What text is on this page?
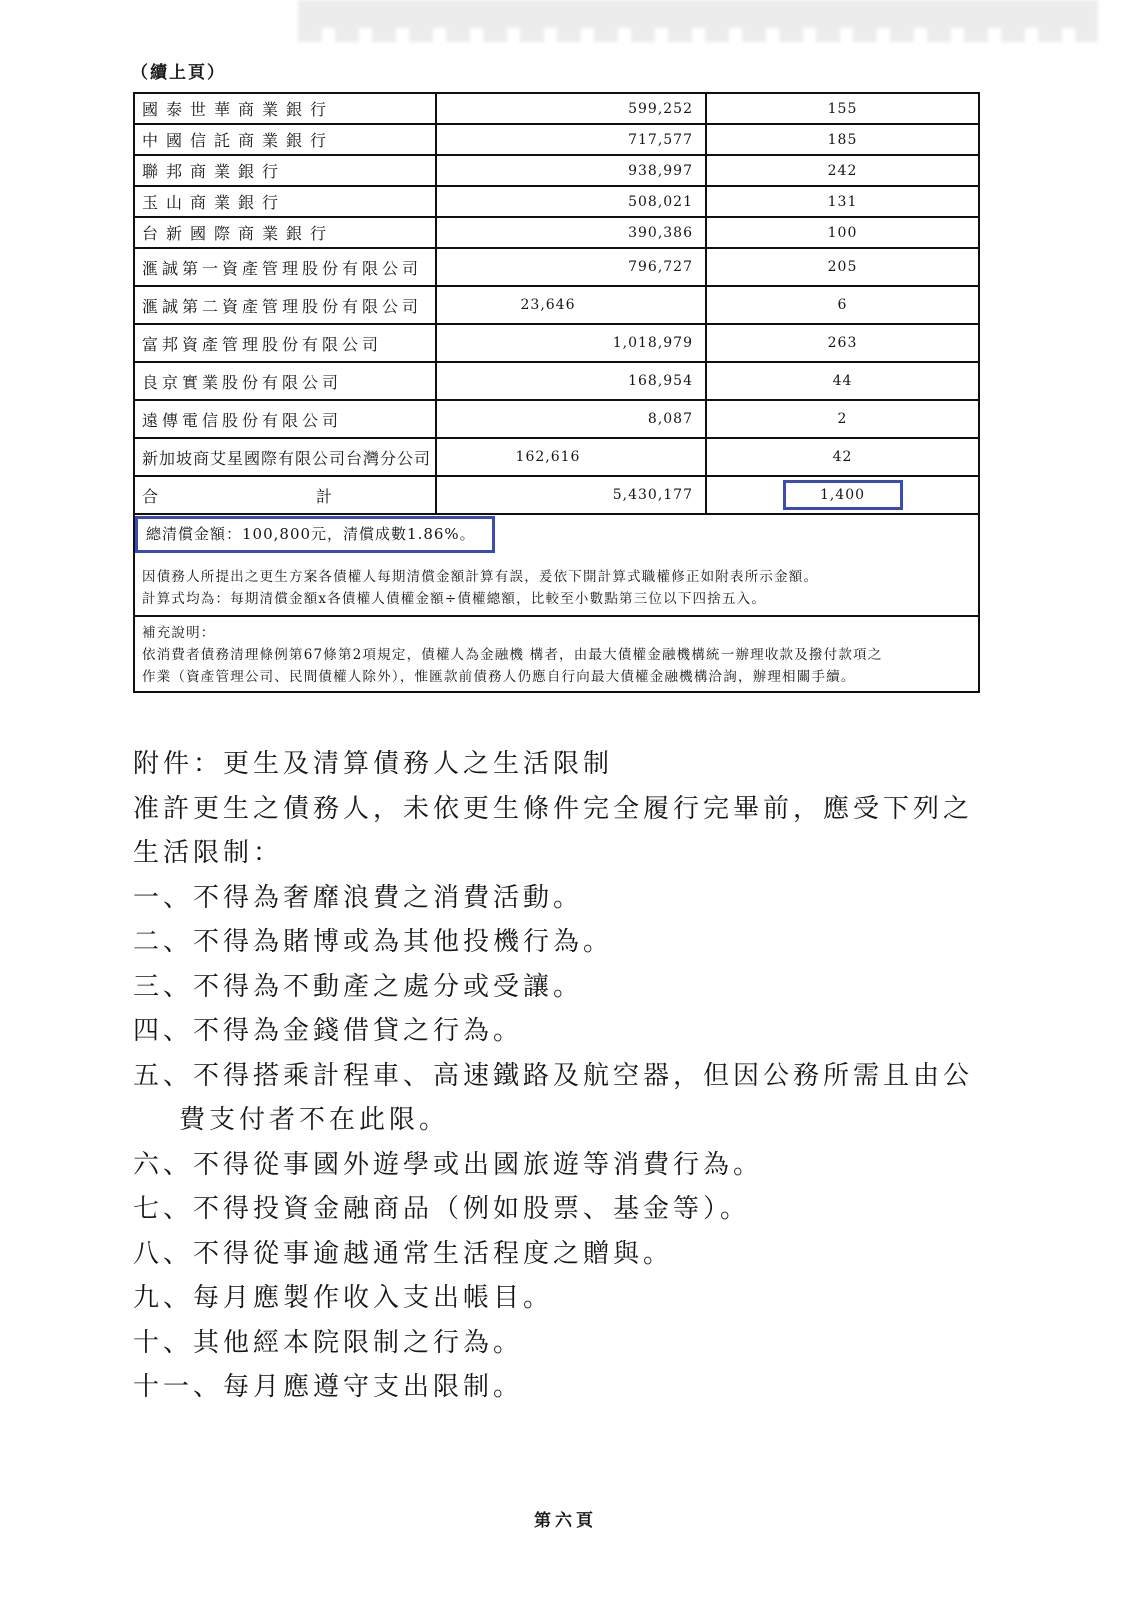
（續上頁）
國泰世華商業銀行	599,252	155
中國信託商業銀行	717,577	185
聯邦商業銀行	938,997	242
玉山商業銀行	508,021	131
台新國際商業銀行	390,386	100
滙誠第一資產管理股份有限公司	796,727	205
滙誠第二資產管理股份有限公司	23,646	6
富邦資產管理股份有限公司	1,018,979	263
良京實業股份有限公司	168,954	44
遠傳電信股份有限公司	8,087	2
新加坡商艾星國際有限公司台灣分公司	162,616	42
合	計	5,430,177	1,400
總清償金額：100,800元，清償成數1.86%。
因債務人所提出之更生方案各債權人每期清償金額計算有誤，爰依下開計算式職權修正如附表所示金額。
計算式均為：每期清償金額x各債權人債權金額÷債權總額，比較至小數點第三位以下四捨五入。
補充說明：
依消費者債務清理條例第67條第2項規定，債權人為金融機 構者，由最大債權金融機構統一辦理收款及撥付款項之
作業（資產管理公司、民間債權人除外），惟匯款前債務人仍應自行向最大債權金融機構洽詢，辦理相關手續。
附件：更生及清算債務人之生活限制
准許更生之債務人，未依更生條件完全履行完畢前，應受下列之
生活限制：
一、不得為奢靡浪費之消費活動。
二、不得為賭博或為其他投機行為。
三、不得為不動產之處分或受讓。
四、不得為金錢借貸之行為。
五、不得搭乘計程車、高速鐵路及航空器，但因公務所需且由公
費支付者不在此限。
六、不得從事國外遊學或出國旅遊等消費行為。
七、不得投資金融商品（例如股票、基金等）。
八、不得從事逾越通常生活程度之贈與。
九、每月應製作收入支出帳目。
十、其他經本院限制之行為。
十一、每月應遵守支出限制。
第六頁
